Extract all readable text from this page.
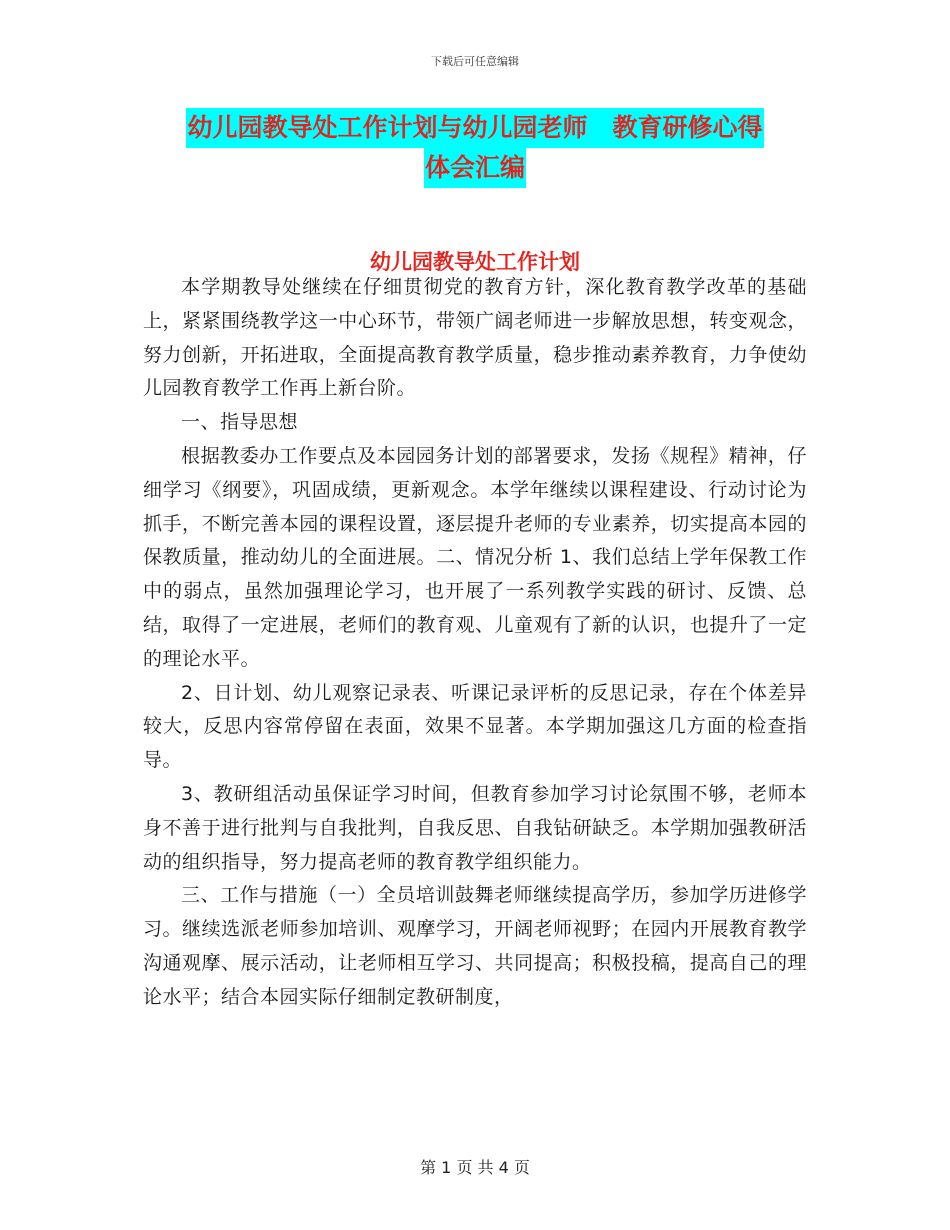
下载后可任意编辑
幼儿园教导处工作计划与幼儿园老师　教育研修心得
体会汇编
幼儿园教导处工作计划

本学期教导处继续在仔细贯彻党的教育方针，深化教育教学改革的基础上，紧紧围绕教学这一中心环节，带领广阔老师进一步解放思想，转变观念，努力创新，开拓进取，全面提高教育教学质量，稳步推动素养教育，力争使幼儿园教育教学工作再上新台阶。

一、指导思想

根据教委办工作要点及本园园务计划的部署要求，发扬《规程》精神，仔细学习《纲要》，巩固成绩，更新观念。本学年继续以课程建设、行动讨论为抓手，不断完善本园的课程设置，逐层提升老师的专业素养，切实提高本园的保教质量，推动幼儿的全面进展。二、情况分析 1、我们总结上学年保教工作中的弱点，虽然加强理论学习，也开展了一系列教学实践的研讨、反馈、总结，取得了一定进展，老师们的教育观、儿童观有了新的认识，也提升了一定的理论水平。

2、日计划、幼儿观察记录表、听课记录评析的反思记录，存在个体差异较大，反思内容常停留在表面，效果不显著。本学期加强这几方面的检查指导。

3、教研组活动虽保证学习时间，但教育参加学习讨论氛围不够，老师本身不善于进行批判与自我批判，自我反思、自我钻研缺乏。本学期加强教研活动的组织指导，努力提高老师的教育教学组织能力。

三、工作与措施（一）全员培训鼓舞老师继续提高学历，参加学历进修学习。继续选派老师参加培训、观摩学习，开阔老师视野；在园内开展教育教学沟通观摩、展示活动，让老师相互学习、共同提高；积极投稿，提高自己的理论水平；结合本园实际仔细制定教研制度，

第 1 页 共 4 页
